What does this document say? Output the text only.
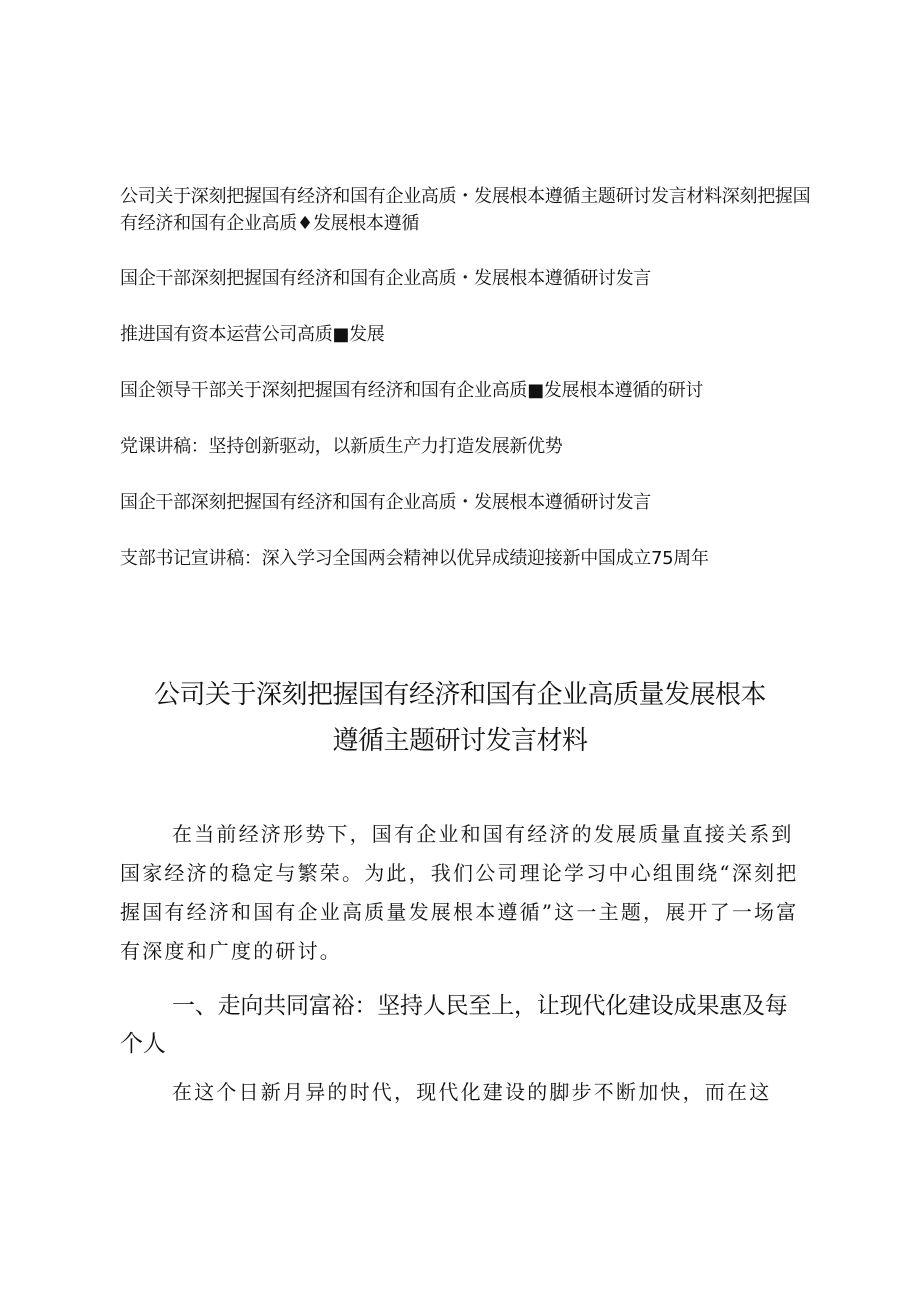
公司关于深刻把握国有经济和国有企业高质・发展根本遵循主题研讨发言材料深刻把握国有经济和国有企业高质♦发展根本遵循
国企干部深刻把握国有经济和国有企业高质・发展根本遵循研讨发言
推进国有资本运营公司高质■发展
国企领导干部关于深刻把握国有经济和国有企业高质■发展根本遵循的研讨
党课讲稿：坚持创新驱动，以新质生产力打造发展新优势
国企干部深刻把握国有经济和国有企业高质・发展根本遵循研讨发言
支部书记宣讲稿：深入学习全国两会精神以优异成绩迎接新中国成立75周年
公司关于深刻把握国有经济和国有企业高质量发展根本
遵循主题研讨发言材料

在当前经济形势下，国有企业和国有经济的发展质量直接关系到国家经济的稳定与繁荣。为此，我们公司理论学习中心组围绕“深刻把握国有经济和国有企业高质量发展根本遵循”这一主题，展开了一场富有深度和广度的研讨。

一、走向共同富裕：坚持人民至上，让现代化建设成果惠及每个人

在这个日新月异的时代，现代化建设的脚步不断加快，而在这
